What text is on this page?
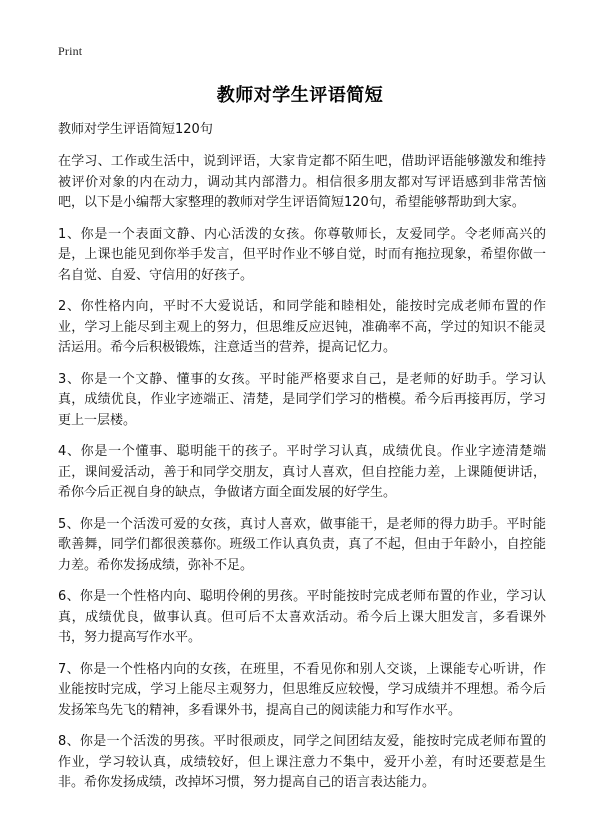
Print
教师对学生评语简短

教师对学生评语简短120句

在学习、工作或生活中，说到评语，大家肯定都不陌生吧，借助评语能够激发和维持被评价对象的内在动力，调动其内部潜力。相信很多朋友都对写评语感到非常苦恼吧，以下是小编帮大家整理的教师对学生评语简短120句，希望能够帮助到大家。

1、你是一个表面文静、内心活泼的女孩。你尊敬师长，友爱同学。令老师高兴的是，上课也能见到你举手发言，但平时作业不够自觉，时而有拖拉现象，希望你做一名自觉、自爱、守信用的好孩子。

2、你性格内向，平时不大爱说话，和同学能和睦相处，能按时完成老师布置的作业，学习上能尽到主观上的努力，但思维反应迟钝，准确率不高，学过的知识不能灵活运用。希今后积极锻炼，注意适当的营养，提高记忆力。

3、你是一个文静、懂事的女孩。平时能严格要求自己，是老师的好助手。学习认真，成绩优良，作业字迹端正、清楚，是同学们学习的楷模。希今后再接再厉，学习更上一层楼。

4、你是一个懂事、聪明能干的孩子。平时学习认真，成绩优良。作业字迹清楚端正，课间爱活动，善于和同学交朋友，真讨人喜欢，但自控能力差，上课随便讲话，希你今后正视自身的缺点，争做诸方面全面发展的好学生。

5、你是一个活泼可爱的女孩，真讨人喜欢，做事能干，是老师的得力助手。平时能歌善舞，同学们都很羡慕你。班级工作认真负责，真了不起，但由于年龄小，自控能力差。希你发扬成绩，弥补不足。

6、你是一个性格内向、聪明伶俐的男孩。平时能按时完成老师布置的作业，学习认真，成绩优良，做事认真。但可后不太喜欢活动。希今后上课大胆发言，多看课外书，努力提高写作水平。

7、你是一个性格内向的女孩，在班里，不看见你和别人交谈，上课能专心听讲，作业能按时完成，学习上能尽主观努力，但思维反应较慢，学习成绩并不理想。希今后发扬笨鸟先飞的精神，多看课外书，提高自己的阅读能力和写作水平。

8、你是一个活泼的男孩。平时很顽皮，同学之间团结友爱，能按时完成老师布置的作业，学习较认真，成绩较好，但上课注意力不集中，爱开小差，有时还要惹是生非。希你发扬成绩，改掉坏习惯，努力提高自己的语言表达能力。
